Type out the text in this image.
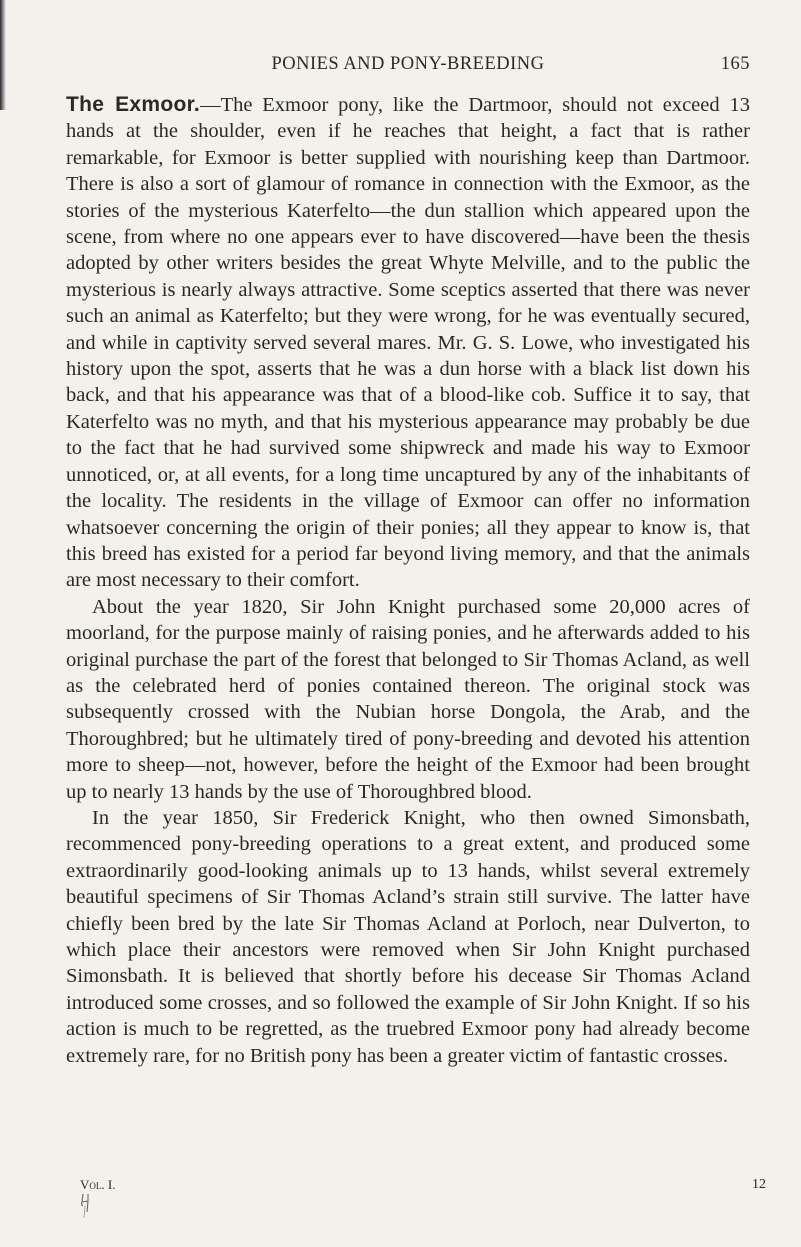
PONIES AND PONY-BREEDING	165

The Exmoor.—The Exmoor pony, like the Dartmoor, should not exceed 13 hands at the shoulder, even if he reaches that height, a fact that is rather remarkable, for Exmoor is better supplied with nourishing keep than Dartmoor. There is also a sort of glamour of romance in connection with the Exmoor, as the stories of the mysterious Katerfelto—the dun stallion which appeared upon the scene, from where no one appears ever to have discovered—have been the thesis adopted by other writers besides the great Whyte Melville, and to the public the mysterious is nearly always attractive. Some sceptics asserted that there was never such an animal as Katerfelto; but they were wrong, for he was eventually secured, and while in captivity served several mares. Mr. G. S. Lowe, who investigated his history upon the spot, asserts that he was a dun horse with a black list down his back, and that his appearance was that of a blood-like cob. Suffice it to say, that Katerfelto was no myth, and that his mysterious appearance may probably be due to the fact that he had survived some shipwreck and made his way to Exmoor unnoticed, or, at all events, for a long time uncaptured by any of the inhabitants of the locality. The residents in the village of Exmoor can offer no information whatsoever concerning the origin of their ponies; all they appear to know is, that this breed has existed for a period far beyond living memory, and that the animals are most necessary to their comfort.

About the year 1820, Sir John Knight purchased some 20,000 acres of moorland, for the purpose mainly of raising ponies, and he afterwards added to his original purchase the part of the forest that belonged to Sir Thomas Acland, as well as the celebrated herd of ponies contained thereon. The original stock was subsequently crossed with the Nubian horse Dongola, the Arab, and the Thoroughbred; but he ultimately tired of pony-breeding and devoted his attention more to sheep—not, however, before the height of the Exmoor had been brought up to nearly 13 hands by the use of Thoroughbred blood.

In the year 1850, Sir Frederick Knight, who then owned Simonsbath, recommenced pony-breeding operations to a great extent, and produced some extraordinarily good-looking animals up to 13 hands, whilst several extremely beautiful specimens of Sir Thomas Acland’s strain still survive. The latter have chiefly been bred by the late Sir Thomas Acland at Porloch, near Dulverton, to which place their ancestors were removed when Sir John Knight purchased Simonsbath. It is believed that shortly before his decease Sir Thomas Acland introduced some crosses, and so followed the example of Sir John Knight. If so his action is much to be regretted, as the truebred Exmoor pony had already become extremely rare, for no British pony has been a greater victim of fantastic crosses.

Vol. I.	12
